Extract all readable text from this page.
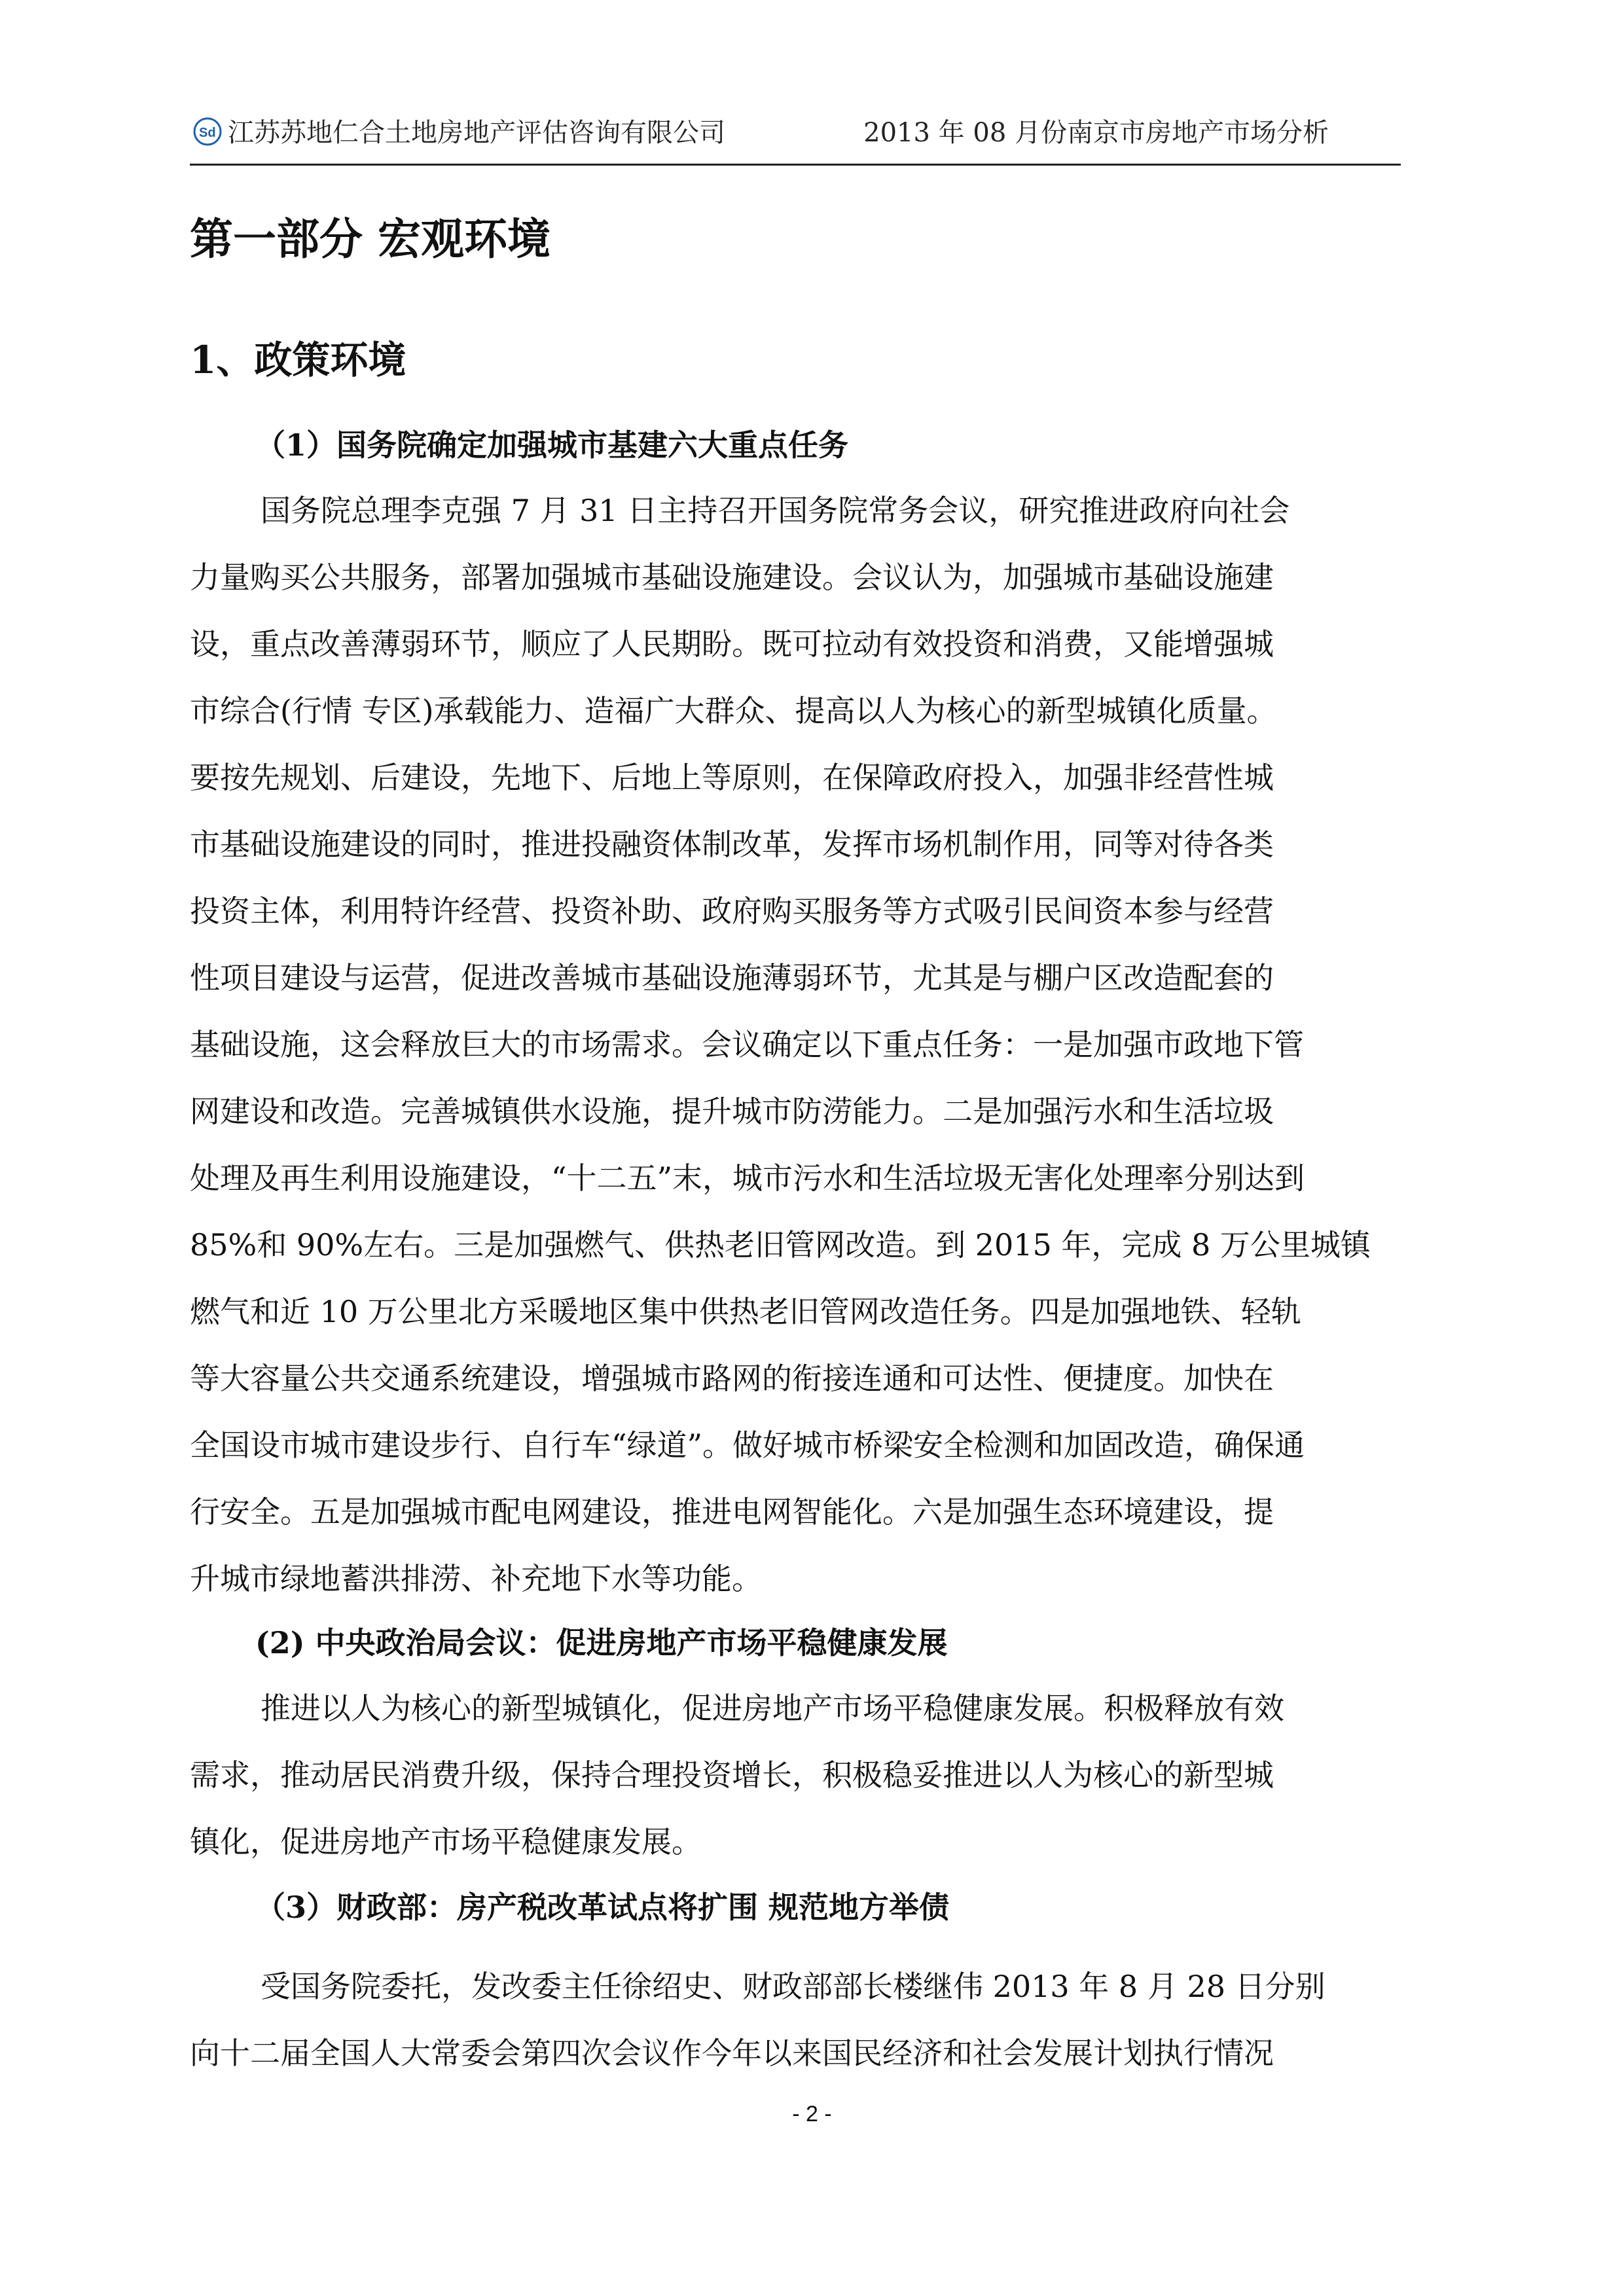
Sd 江苏苏地仁合土地房地产评估咨询有限公司	2013 年 08 月份南京市房地产市场分析
第一部分 宏观环境
1、政策环境
（1）国务院确定加强城市基建六大重点任务
国务院总理李克强 7 月 31 日主持召开国务院常务会议，研究推进政府向社会
力量购买公共服务，部署加强城市基础设施建设。会议认为，加强城市基础设施建
设，重点改善薄弱环节，顺应了人民期盼。既可拉动有效投资和消费，又能增强城
市综合(行情 专区)承载能力、造福广大群众、提高以人为核心的新型城镇化质量。
要按先规划、后建设，先地下、后地上等原则，在保障政府投入，加强非经营性城
市基础设施建设的同时，推进投融资体制改革，发挥市场机制作用，同等对待各类
投资主体，利用特许经营、投资补助、政府购买服务等方式吸引民间资本参与经营
性项目建设与运营，促进改善城市基础设施薄弱环节，尤其是与棚户区改造配套的
基础设施，这会释放巨大的市场需求。会议确定以下重点任务：一是加强市政地下管
网建设和改造。完善城镇供水设施，提升城市防涝能力。二是加强污水和生活垃圾
处理及再生利用设施建设，“十二五”末，城市污水和生活垃圾无害化处理率分别达到
85%和 90%左右。三是加强燃气、供热老旧管网改造。到 2015 年，完成 8 万公里城镇
燃气和近 10 万公里北方采暖地区集中供热老旧管网改造任务。四是加强地铁、轻轨
等大容量公共交通系统建设，增强城市路网的衔接连通和可达性、便捷度。加快在
全国设市城市建设步行、自行车“绿道”。做好城市桥梁安全检测和加固改造，确保通
行安全。五是加强城市配电网建设，推进电网智能化。六是加强生态环境建设，提
升城市绿地蓄洪排涝、补充地下水等功能。
(2) 中央政治局会议：促进房地产市场平稳健康发展
推进以人为核心的新型城镇化，促进房地产市场平稳健康发展。积极释放有效
需求，推动居民消费升级，保持合理投资增长，积极稳妥推进以人为核心的新型城
镇化，促进房地产市场平稳健康发展。
（3）财政部：房产税改革试点将扩围 规范地方举债
受国务院委托，发改委主任徐绍史、财政部部长楼继伟 2013 年 8 月 28 日分别
向十二届全国人大常委会第四次会议作今年以来国民经济和社会发展计划执行情况
- 2 -
